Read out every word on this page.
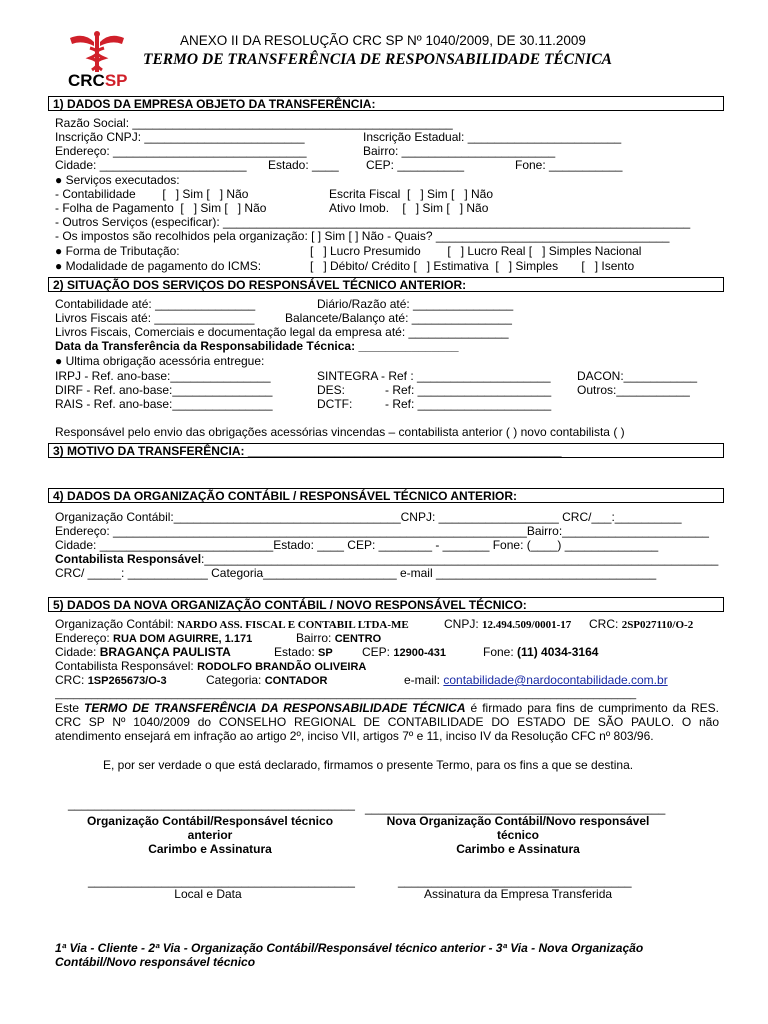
CRCSP
ANEXO II DA RESOLUÇÃO CRC SP Nº 1040/2009, DE 30.11.2009
TERMO DE TRANSFERÊNCIA DE RESPONSABILIDADE TÉCNICA
1) DADOS DA EMPRESA OBJETO DA TRANSFERÊNCIA:
Razão Social: ________________________________________________
Inscrição CNPJ: ________________________	Inscrição Estadual: _______________________
Endereço: _____________________________	Bairro: _______________________
Cidade: ______________________ Estado: ____ CEP: __________	Fone: ___________
● Serviços executados:
- Contabilidade        [   ] Sim [   ] Não	Escrita Fiscal  [   ] Sim [   ] Não
- Folha de Pagamento  [   ] Sim [   ] Não	Ativo Imob.    [   ] Sim [   ] Não
- Outros Serviços (especificar): ______________________________________________________________________
- Os impostos são recolhidos pela organização: [ ] Sim [ ] Não - Quais? ___________________________________
● Forma de Tributação:	[   ] Lucro Presumido        [   ] Lucro Real [   ] Simples Nacional
● Modalidade de pagamento do ICMS:	[   ] Débito/ Crédito [   ] Estimativa  [   ] Simples       [   ] Isento
2) SITUAÇÃO DOS SERVIÇOS DO RESPONSÁVEL TÉCNICO ANTERIOR:
Contabilidade até: _______________	Diário/Razão até: _______________
Livros Fiscais até: _______________	Balancete/Balanço até: _______________
Livros Fiscais, Comerciais e documentação legal da empresa até: _______________
Data da Transferência da Responsabilidade Técnica: _______________
● Ultima obrigação acessória entregue:
IRPJ - Ref. ano-base:_______________	SINTEGRA - Ref : ____________________ DACON:___________
DIRF - Ref. ano-base:_______________	DES:	- Ref: ____________________ Outros:___________
RAIS - Ref. ano-base:_______________	DCTF:	- Ref: ____________________
Responsável pelo envio das obrigações acessórias vincendas – contabilista anterior ( ) novo contabilista ( )
3) MOTIVO DA TRANSFERÊNCIA: _______________________________________________
4) DADOS DA ORGANIZAÇÃO CONTÁBIL / RESPONSÁVEL TÉCNICO ANTERIOR:
Organização Contábil:__________________________________CNPJ: __________________ CRC/___:__________
Endereço: ______________________________________________________________Bairro:______________________
Cidade: __________________________Estado: ____ CEP: ________ - _______ Fone: (____) ______________
Contabilista Responsável:_____________________________________________________________________________
CRC/ _____: ____________ Categoria____________________ e-mail _________________________________
5) DADOS DA NOVA ORGANIZAÇÃO CONTÁBIL / NOVO RESPONSÁVEL TÉCNICO:
Organização Contábil: NARDO ASS. FISCAL E CONTABIL LTDA-ME	CNPJ: 12.494.509/0001-17 CRC: 2SP027110/O-2
Endereço: RUA DOM AGUIRRE, 1.171	Bairro: CENTRO
Cidade: BRAGANÇA PAULISTA	Estado: SP CEP: 12900-431	Fone: (11) 4034-3164
Contabilista Responsável: RODOLFO BRANDÃO OLIVEIRA
CRC: 1SP265673/O-3	Categoria: CONTADOR	e-mail: contabilidade@nardocontabilidade.com.br
_______________________________________________________________________________________________
Este TERMO DE TRANSFERÊNCIA DA RESPONSABILIDADE TÉCNICA é firmado para fins de cumprimento da RES. CRC SP Nº 1040/2009 do CONSELHO REGIONAL DE CONTABILIDADE DO ESTADO DE SÃO PAULO. O não atendimento ensejará em infração ao artigo 2º, inciso VII, artigos 7º e 11, inciso IV da Resolução CFC nº 803/96.
E, por ser verdade o que está declarado, firmamos o presente Termo, para os fins a que se destina.
___________________________________________ _____________________________________________
Organização Contábil/Responsável técnico
anterior
Carimbo e Assinatura
Nova Organização Contábil/Novo responsável
técnico
Carimbo e Assinatura
________________________________________	___________________________________
Local e Data	Assinatura da Empresa Transferida
1ª Via - Cliente - 2ª Via - Organização Contábil/Responsável técnico anterior - 3ª Via - Nova Organização
Contábil/Novo responsável técnico
